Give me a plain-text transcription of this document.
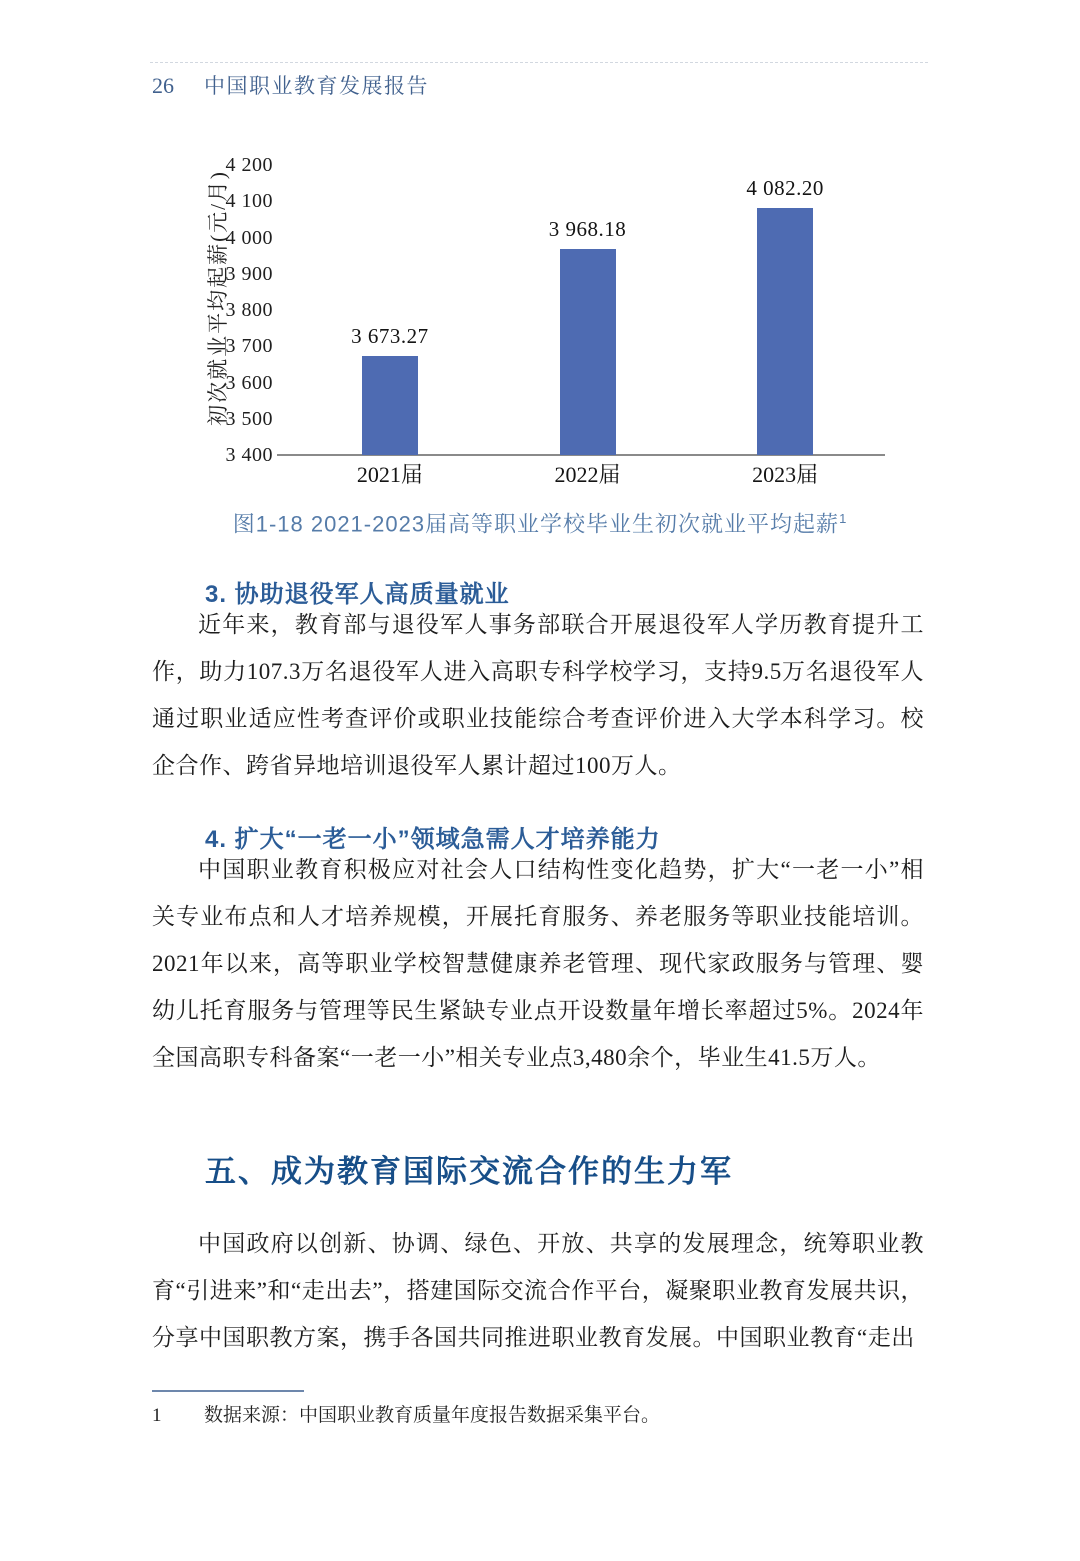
26 中国职业教育发展报告
初次就业平均起薪(元/月)
3 400
3 500
3 600
3 700
3 800
3 900
4 000
4 100
4 200
3 673.27
2021届
3 968.18
2022届
4 082.20
2023届
图1-18 2021-2023届高等职业学校毕业生初次就业平均起薪$^1$
3. 协助退役军人高质量就业
近年来，教育部与退役军人事务部联合开展退役军人学历教育提升工作，助力107.3万名退役军人进入高职专科学校学习，支持9.5万名退役军人通过职业适应性考查评价或职业技能综合考查评价进入大学本科学习。校企合作、跨省异地培训退役军人累计超过100万人。
4. 扩大“一老一小”领域急需人才培养能力
中国职业教育积极应对社会人口结构性变化趋势，扩大“一老一小”相关专业布点和人才培养规模，开展托育服务、养老服务等职业技能培训。2021年以来，高等职业学校智慧健康养老管理、现代家政服务与管理、婴幼儿托育服务与管理等民生紧缺专业点开设数量年增长率超过5%。2024年全国高职专科备案“一老一小”相关专业点3,480余个，毕业生41.5万人。
五、成为教育国际交流合作的生力军
中国政府以创新、协调、绿色、开放、共享的发展理念，统筹职业教育“引进来”和“走出去”，搭建国际交流合作平台，凝聚职业教育发展共识，分享中国职教方案，携手各国共同推进职业教育发展。中国职业教育“走出
1	数据来源：中国职业教育质量年度报告数据采集平台。
